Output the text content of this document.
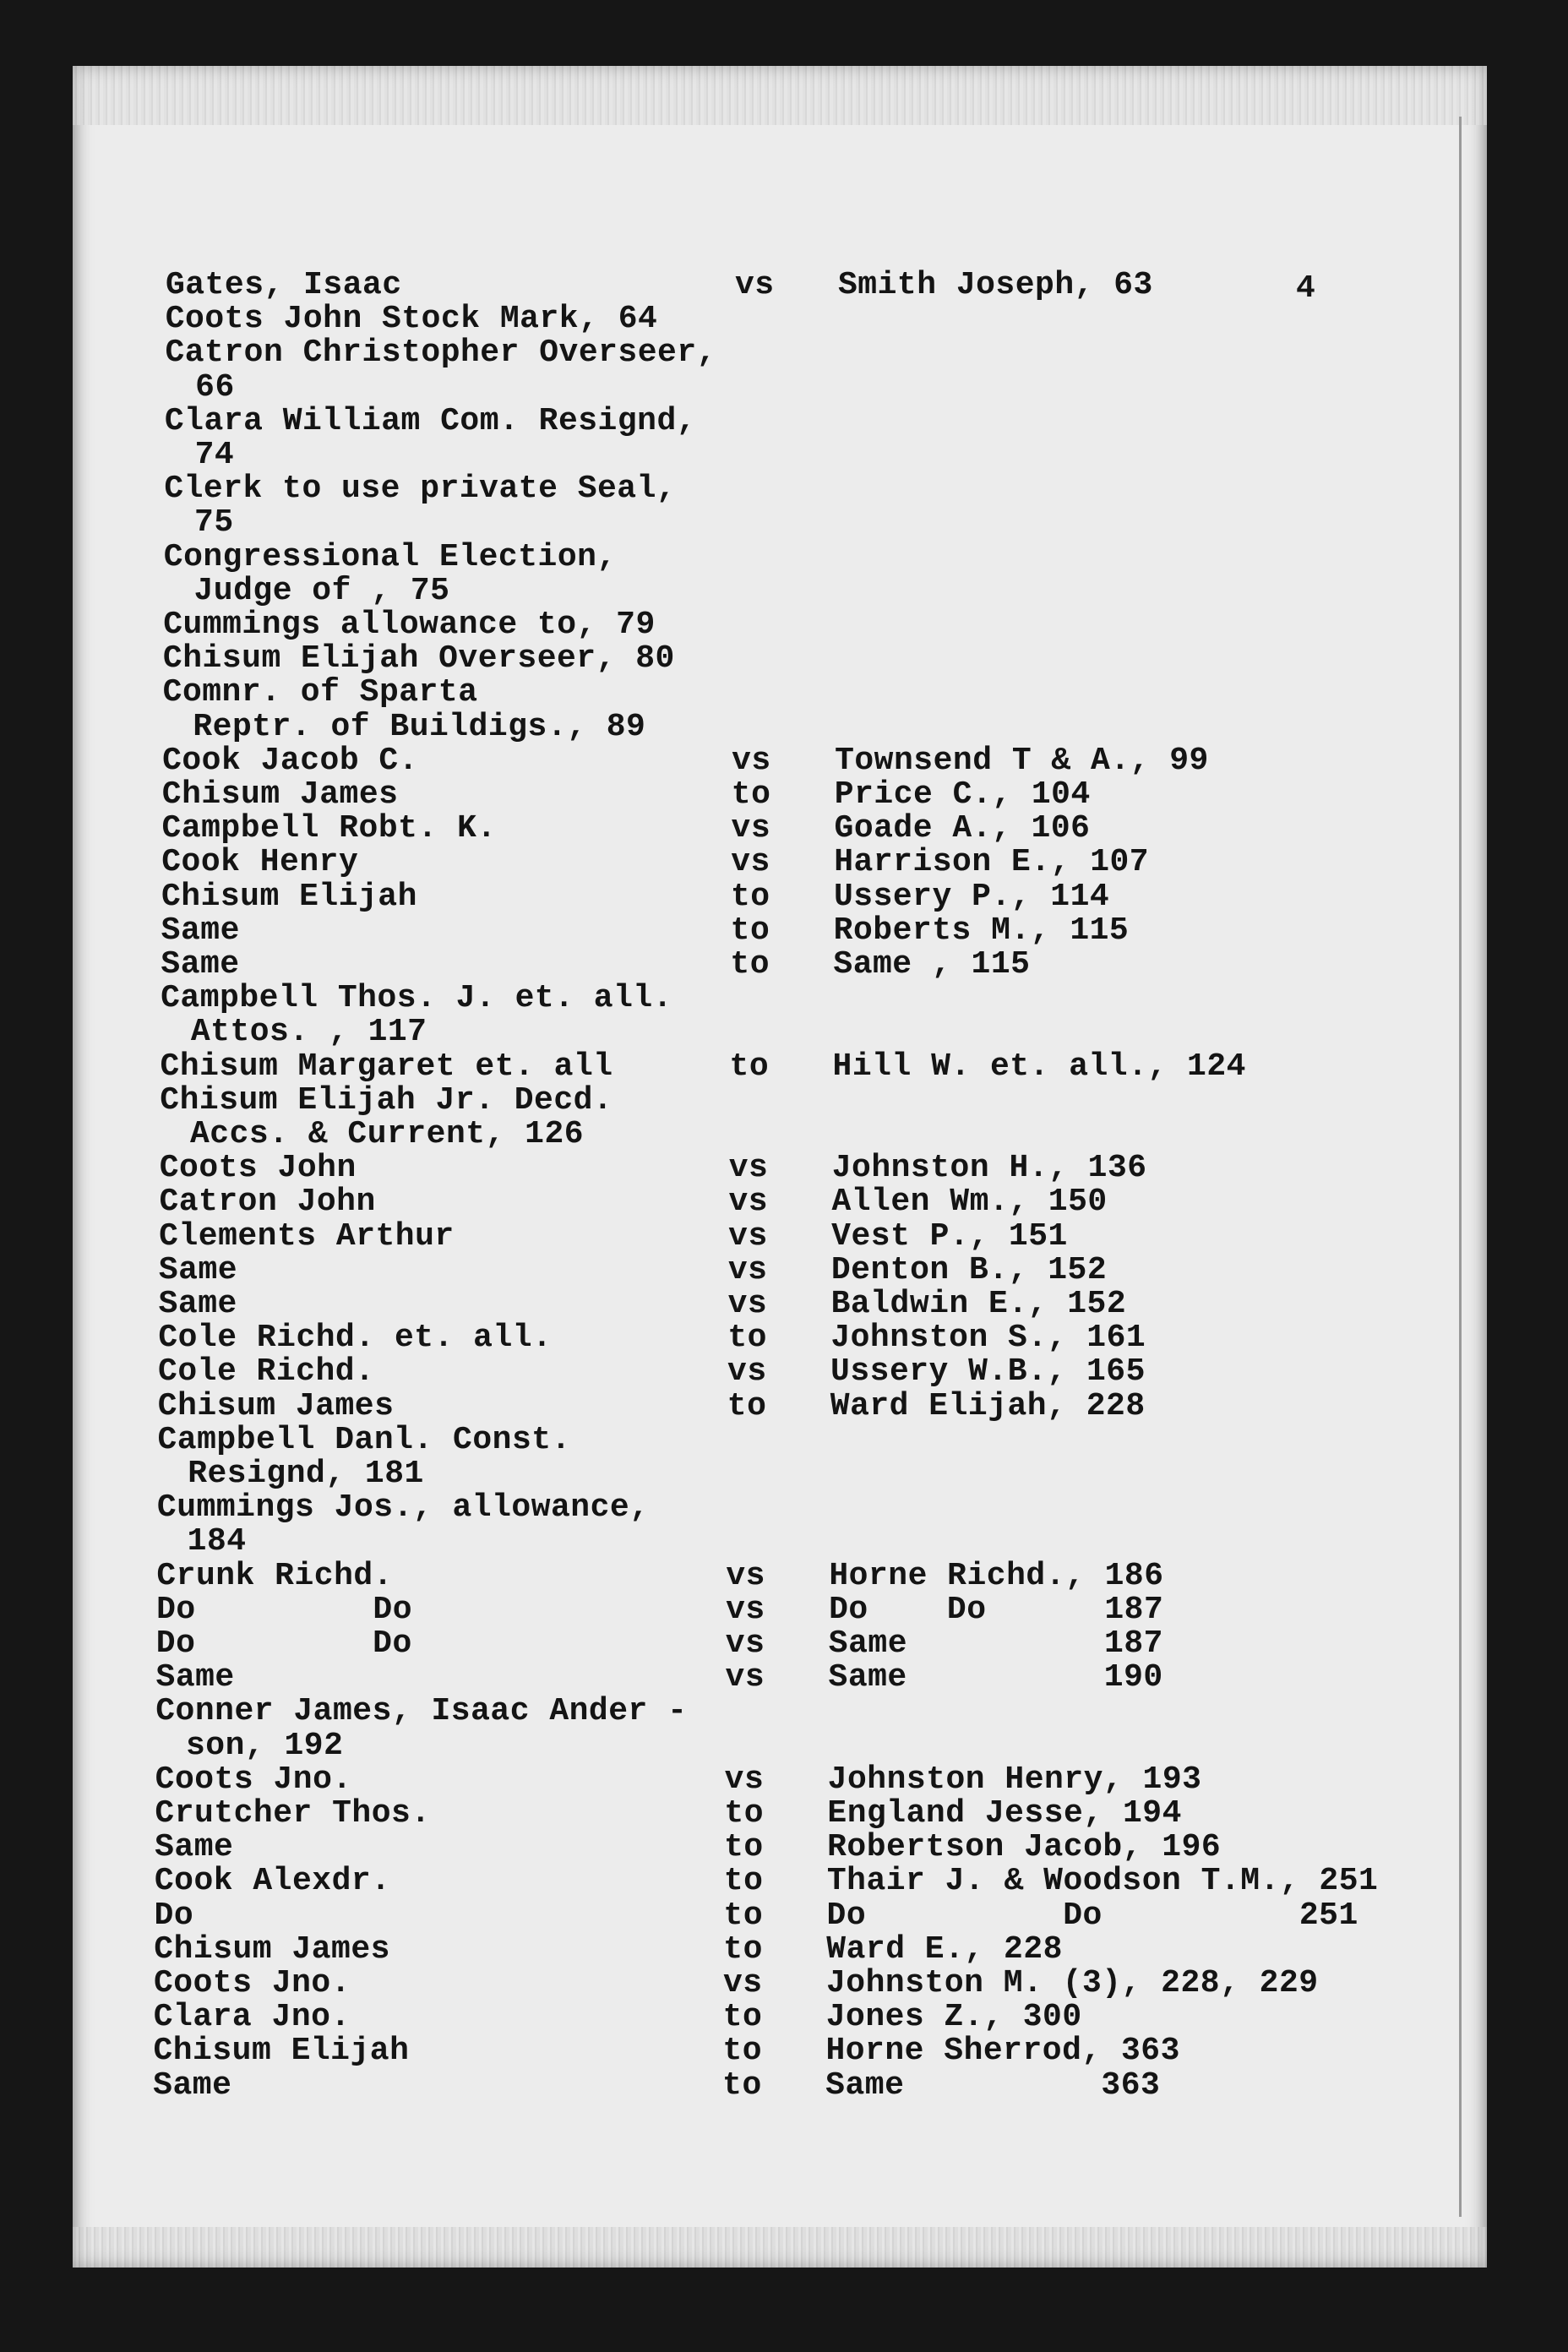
4
Gates, Isaac	vs Smith Joseph, 63
Coots John Stock Mark, 64
Catron Christopher Overseer,
66
Clara William Com. Resignd,
74
Clerk to use private Seal,
75
Congressional Election,
Judge of , 75
Cummings allowance to, 79
Chisum Elijah Overseer, 80
Comnr. of Sparta
Reptr. of Buildigs., 89
Cook Jacob C.	vs Townsend T & A., 99
Chisum James	to Price C., 104
Campbell Robt. K.	vs Goade A., 106
Cook Henry	vs Harrison E., 107
Chisum Elijah	to Ussery P., 114
Same	to Roberts M., 115
Same	to Same , 115
Campbell Thos. J. et. all.
Attos. , 117
Chisum Margaret et. all	to Hill W. et. all., 124
Chisum Elijah Jr. Decd.
Accs. & Current, 126
Coots John	vs Johnston H., 136
Catron John	vs Allen Wm., 150
Clements Arthur	vs Vest P., 151
Same	vs Denton B., 152
Same	vs Baldwin E., 152
Cole Richd. et. all.	to Johnston S., 161
Cole Richd.	vs Ussery W.B., 165
Chisum James	to Ward Elijah, 228
Campbell Danl. Const.
Resignd, 181
Cummings Jos., allowance,
184
Crunk Richd.	vs Horne Richd., 186
Do         Do	vs Do    Do      187
Do         Do	vs Same          187
Same	vs Same          190
Conner James, Isaac Ander -
son, 192
Coots Jno.	vs Johnston Henry, 193
Crutcher Thos.	to England Jesse, 194
Same	to Robertson Jacob, 196
Cook Alexdr.	to Thair J. & Woodson T.M., 251
Do	to Do          Do          251
Chisum James	to Ward E., 228
Coots Jno.	vs Johnston M. (3), 228, 229
Clara Jno.	to Jones Z., 300
Chisum Elijah	to Horne Sherrod, 363
Same	to Same          363
